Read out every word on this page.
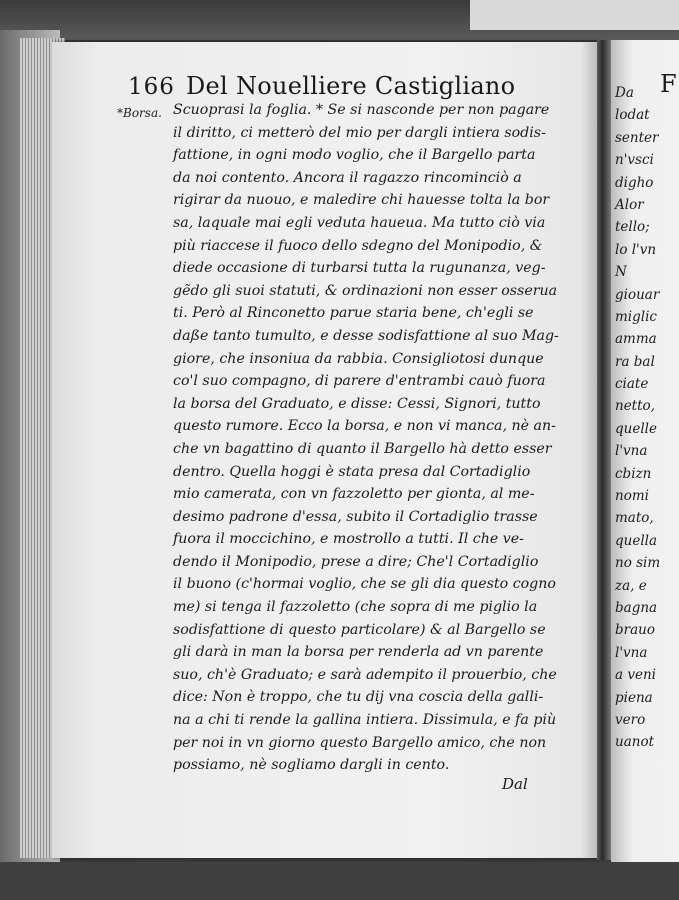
166 Del Nouelliere Castigliano
*Borsa. Scuoprasi la foglia. * Se si nasconde per non pagare
il diritto, ci metterò del mio per dargli intiera sodis-
fattione, in ogni modo voglio, che il Bargello parta
da noi contento. Ancora il ragazzo rincominciò a
rigirar da nuouo, e maledire chi hauesse tolta la bor
sa, laquale mai egli veduta haueua. Ma tutto ciò via
più riaccese il fuoco dello sdegno del Monipodio, &
diede occasione di turbarsi tutta la rugunanza, veg-
gẽdo gli suoi statuti, & ordinazioni non esser osserua
ti. Però al Rinconetto parue staria bene, ch'egli se
daße tanto tumulto, e desse sodisfattione al suo Mag-
giore, che insoniua da rabbia. Consigliotosi dunque
co'l suo compagno, di parere d'entrambi cauò fuora
la borsa del Graduato, e disse: Cessi, Signori, tutto
questo rumore. Ecco la borsa, e non vi manca, nè an-
che vn bagattino di quanto il Bargello hà detto esser
dentro. Quella hoggi è stata presa dal Cortadiglio
mio camerata, con vn fazzoletto per gionta, al me-
desimo padrone d'essa, subito il Cortadiglio trasse
fuora il moccichino, e mostrollo a tutti. Il che ve-
dendo il Monipodio, prese a dire; Che'l Cortadiglio
il buono (c'hormai voglio, che se gli dia questo cogno
me) si tenga il fazzoletto (che sopra di me piglio la
sodisfattione di questo particolare) & al Bargello se
gli darà in man la borsa per renderla ad vn parente
suo, ch'è Graduato; e sarà adempito il prouerbio, che
dice: Non è troppo, che tu dij vna coscia della galli-
na a chi ti rende la gallina intiera. Dissimula, e fa più
per noi in vn giorno questo Bargello amico, che non
possiamo, nè sogliamo dargli in cento.
Dal
F
Da
lodat
senter
n'vsci
digho
Alor
tello;
lo l'vn
N
giouar
miglic
amma
ra bal
ciate
netto,
quelle
l'vna
cbizn
nomi
mato,
quella
no sim
za, e
bagna
brauo
l'vna
a veni
piena
vero
uanot
